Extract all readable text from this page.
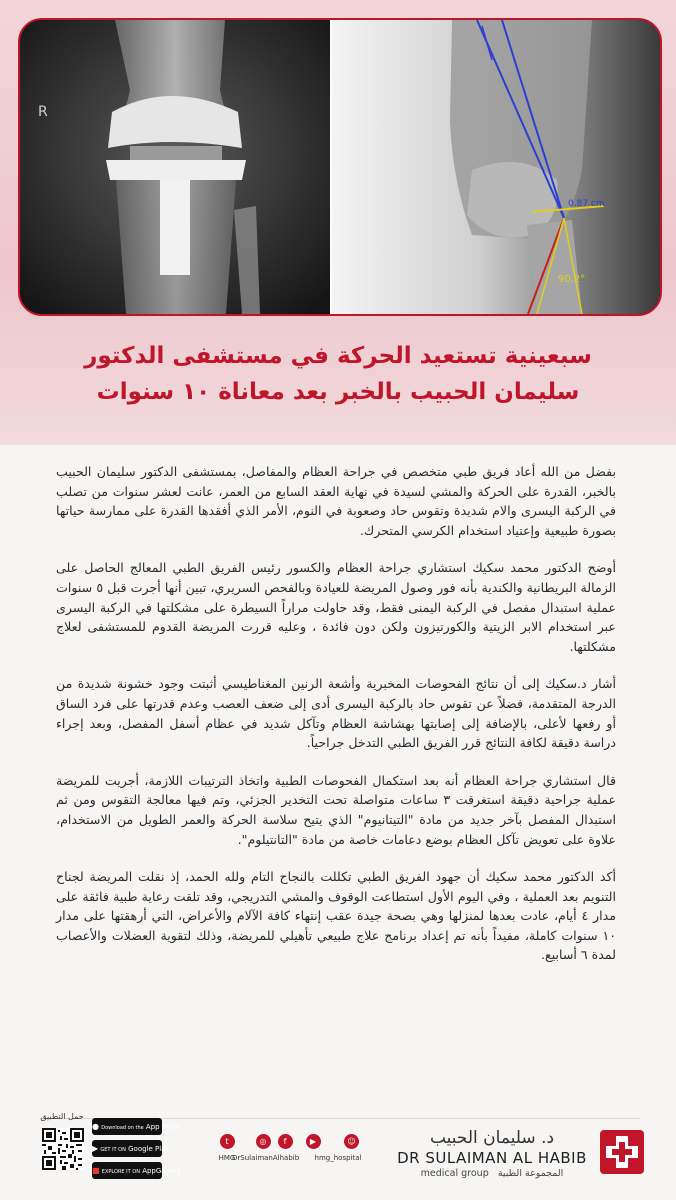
R
0.87 cm
90.2°
سبعينية تستعيد الحركة في مستشفى الدكتور
سليمان الحبيب بالخبر بعد معاناة ١٠ سنوات

بفضل من الله أعاد فريق طبي متخصص في جراحة العظام والمفاصل، بمستشفى الدكتور سليمان الحبيب بالخبر، القدرة على الحركة والمشي لسيدة في نهاية العقد السابع من العمر، عانت لعشر سنوات من تصلب في الركبة اليسرى والام شديدة وتقوس حاد وصعوبة في النوم، الأمر الذي أفقدها القدرة على ممارسة حياتها بصورة طبيعية وإعتياد استخدام الكرسي المتحرك.

أوضح الدكتور محمد سكيك استشاري جراحة العظام والكسور رئيس الفريق الطبي المعالج الحاصل على الزمالة البريطانية والكندية بأنه فور وصول المريضة للعيادة وبالفحص السريري، تبين أنها أجرت قبل ٥ سنوات عملية استبدال مفصل في الركبة اليمنى فقط، وقد حاولت مراراً السيطرة على مشكلتها في الركبة اليسرى عبر استخدام الابر الزيتية والكورتيزون ولكن دون فائدة ، وعليه قررت المريضة القدوم للمستشفى لعلاج مشكلتها.

أشار د.سكيك إلى أن نتائج الفحوصات المخبرية وأشعة الرنين المغناطيسي أثبتت وجود خشونة شديدة من الدرجة المتقدمة، فضلاً عن تقوس حاد بالركبة اليسرى أدى إلى ضعف العصب وعدم قدرتها على فرد الساق أو رفعها لأعلى، بالإضافة إلى إصابتها بهشاشة العظام وتآكل شديد في عظام أسفل المفصل، وبعد إجراء دراسة دقيقة لكافة النتائج قرر الفريق الطبي التدخل جراحياً.

قال استشاري جراحة العظام أنه بعد استكمال الفحوصات الطبية واتخاذ الترتيبات اللازمة، أجريت للمريضة عملية جراحية دقيقة استغرقت ٣ ساعات متواصلة تحت التخدير الجزئي، وتم فيها معالجة التقوس ومن ثم استبدال المفصل بآخر جديد من مادة "التيتانيوم" الذي يتيح سلاسة الحركة والعمر الطويل من الاستخدام، علاوة على تعويض تآكل العظام بوضع دعامات خاصة من مادة "التانتيلوم".

أكد الدكتور محمد سكيك أن جهود الفريق الطبي تكللت بالنجاح التام ولله الحمد، إذ نقلت المريضة لجناح التنويم بعد العملية ، وفي اليوم الأول استطاعت الوقوف والمشي التدريجي، وقد تلقت رعاية طبية فائقة على مدار ٤ أيام، عادت بعدها لمنزلها وهي بصحة جيدة عقب إنتهاء كافة الآلام والأعراض، التي أرهقتها على مدار ١٠ سنوات كاملة، مفيداً بأنه تم إعداد برنامج علاج طبيعي تأهيلي للمريضة، وذلك لتقوية العضلات والأعصاب لمدة ٦ أسابيع.

حمل التطبيق
● Download on the App Store
▶ GET IT ON Google Play
■ EXPLORE IT ON AppGallery
t
HMG
◎
DrSulaimanAlhabib
f	▶	☺
hmg_hospital
د. سليمان الحبيب
DR SULAIMAN AL HABIB
medical group المجموعة الطبية
